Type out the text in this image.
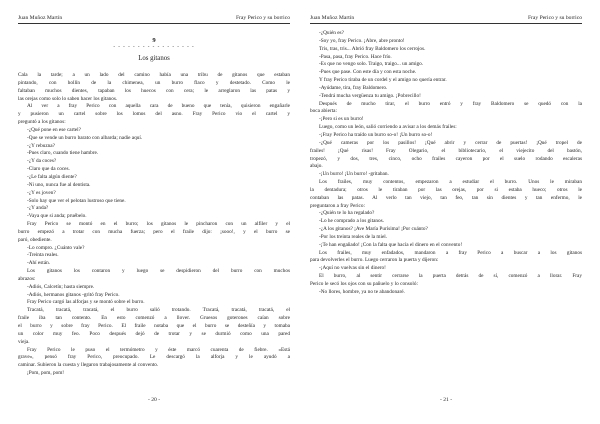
Juan Muñoz Martín	Fray Perico y su borrico
9
- - - - - - - - - - - - - - - - -
Los gitanos
Cala la tarde; a un lado del camino había una tribu de gitanos que estaban
pintando, con hollín de la chimenea, un burro flaco y destetado. Como le
faltaban muchos dientes, tapaban los huecos con cera; le arreglaron las patas y
las orejas como solo lo saben hacer los gitanos.
Al ver a fray Perico con aquella cara de bueno que tenía, quisieron engañarle
y pusieron un cartel sobre los lomos del asno. Fray Perico vio el cartel y
preguntó a los gitanos:
-¿Qué pone en ese cartel?
-Que se vende un burro barato con albarda; nadie aquí.
-¿Y rebuzna?
-Pues claro, cuando tiene hambre.
-¿Y da coces?
-Claro que da coces.
-¿Le falta algún diente?
-Ni uno, nunca fue al dentista.
-¿Y es joven?
-Solo hay que ver el pelotan lustroso que tiene.
-¿Y anda?
-Vaya que si anda; pruébelo.
Fray Perico se montó en el burro; los gitanos le pincharon con un alfiler y el
burro empezó a trotar con mucha fuerza; pero el fraile dijo: ¡sooo!, y el burro se
paró, obediente.
-Lo compro. ¿Cuánto vale?
-Treinta reales.
-Ahí están.
Los gitanos los contaron y luego se despidieron del burro con muchos
abrazos:
-Adiós, Calcetín; hasta siempre.
-Adiós, hermanos gitanos -gritó fray Perico.
Fray Perico cargó las alforjas y se montó sobre el burro.
Tracatá, tracatá, tracatá, el burro salió trotando. Tracatá, tracatá, tracatá, el
fraile iba tan contento. En esto comenzó a llover. Gruesos goterones caían sobre
el burro y sobre fray Perico. El fraile notaba que el burro se desteñía y tomaba
un color muy feo. Poco después dejó de trotar y se durmió como una pared
vieja.
Fray Perico le puso el termómetro y éste marcó cuarenta de fiebre. «Está
grave», pensó fray Perico, preocupado. Le descargó la alforja y le ayudó a
caminar. Subieron la cuesta y llegaron trabajosamente al convento.
¡Pom, pom, pom!
- 20 -
Juan Muñoz Martín	Fray Perico y su borrico
-¿Quién es?
-Soy yo, fray Perico. ¡Abre, abre pronto!
Tris, tras, tris... Abrió fray Baldomero los cerrojos.
-Pasa, pasa, fray Perico. Hace frío.
-Es que no vengo solo. Traigo, traigo... un amigo.
-Pues que pase. Con este día y con esta noche.
Y fray Perico tiraba de un cordel y el amigo no quería entrar.
-Ayúdame, tira, fray Baldomero.
-Tendrá mucha vergüenza tu amigo. ¡Pobrecillo!
Después de mucho tirar, el burro entró y fray Baldomero se quedó con la
boca abierta:
-¡Pero si es un burro!
Luego, como un león, salió corriendo a avisar a los demás frailes:
-¡Fray Perico ha traído un burro so-o! ¡Un burro so-o!
-¿Qué cameras por los pasillos! ¡Qué abrir y cerrar de puertas! ¡Qué tropel de
frailes! ¡Qué risas! Fray Olegario, el bibliotecario, el viejecito del bastón,
tropezó, y dos, tres, cinco, ocho frailes cayeron por el suelo rodando escaleras
abajo.
-¡Un burro! ¡Un burro! -gritaban.
Los frailes, muy contentos, empezaron a estudiar el burro. Unos le miraban
la dentadura; otros le tiraban por las orejas, por si estaba hueco; otros le
contaban las patas. Al verlo tan viejo, tan feo, tan sin dientes y tan enfermo, le
preguntaron a fray Perico:
-¿Quién te lo ha regalado?
-Lo he comprado a los gitanos.
-¿A los gitanos? ¡Ave María Purísima! ¡Por cuánto?
-Por los treinta reales de la miel.
-¡Te han engañado! ¡Con la falta que hacía el dinero en el convento!
Los frailes, muy enfadados, mandaron a fray Perico a buscar a los gitanos
para devolverles el burro. Luego cerraron la puerta y dijeron:
-¡Aquí no vuelvas sin el dinero!
El burro, al sentir cerrarse la puerta detrás de sí, comenzó a llorar. Fray
Perico le secó los ojos con su pañuelo y lo consoló:
-No llores, hombre, ya no te abandonaré.
- 21 -
